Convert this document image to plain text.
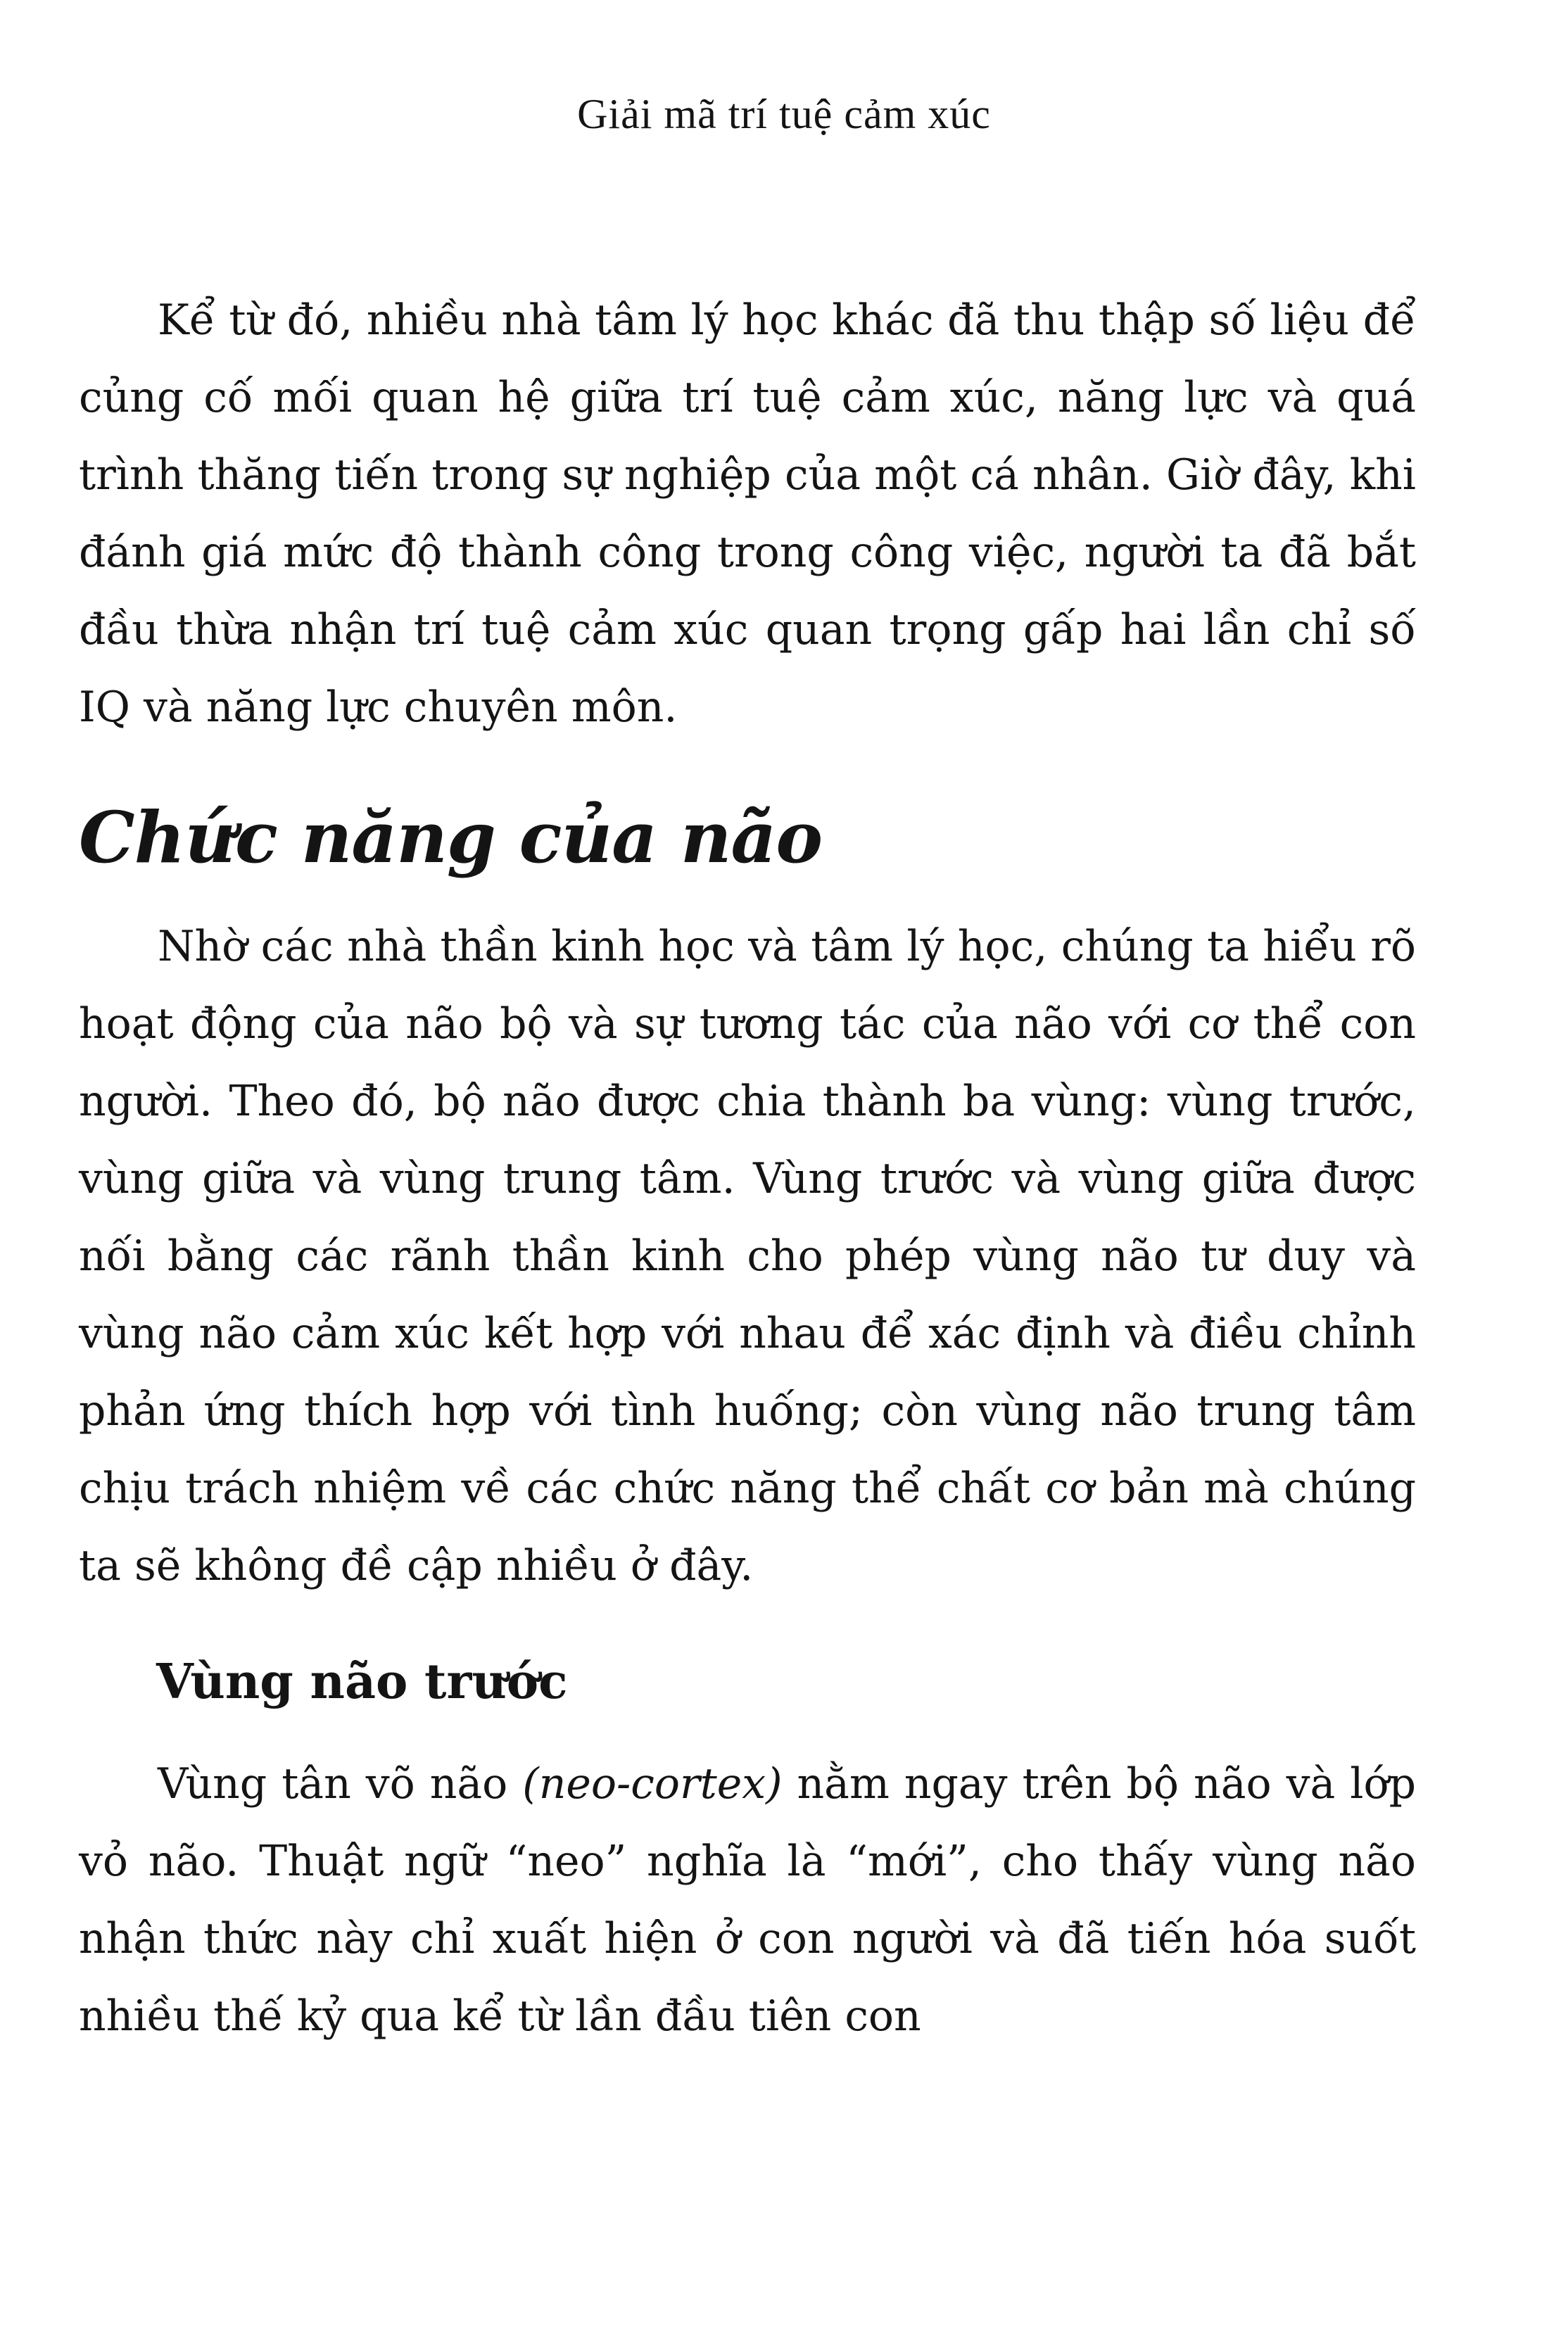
Giải mã trí tuệ cảm xúc

Kể từ đó, nhiều nhà tâm lý học khác đã thu thập số liệu để củng cố mối quan hệ giữa trí tuệ cảm xúc, năng lực và quá trình thăng tiến trong sự nghiệp của một cá nhân. Giờ đây, khi đánh giá mức độ thành công trong công việc, người ta đã bắt đầu thừa nhận trí tuệ cảm xúc quan trọng gấp hai lần chỉ số IQ và năng lực chuyên môn.

Chức năng của não

Nhờ các nhà thần kinh học và tâm lý học, chúng ta hiểu rõ hoạt động của não bộ và sự tương tác của não với cơ thể con người. Theo đó, bộ não được chia thành ba vùng: vùng trước, vùng giữa và vùng trung tâm. Vùng trước và vùng giữa được nối bằng các rãnh thần kinh cho phép vùng não tư duy và vùng não cảm xúc kết hợp với nhau để xác định và điều chỉnh phản ứng thích hợp với tình huống; còn vùng não trung tâm chịu trách nhiệm về các chức năng thể chất cơ bản mà chúng ta sẽ không đề cập nhiều ở đây.

Vùng não trước

Vùng tân võ não (neo-cortex) nằm ngay trên bộ não và lớp vỏ não. Thuật ngữ “neo” nghĩa là “mới”, cho thấy vùng não nhận thức này chỉ xuất hiện ở con người và đã tiến hóa suốt nhiều thế kỷ qua kể từ lần đầu tiên con
